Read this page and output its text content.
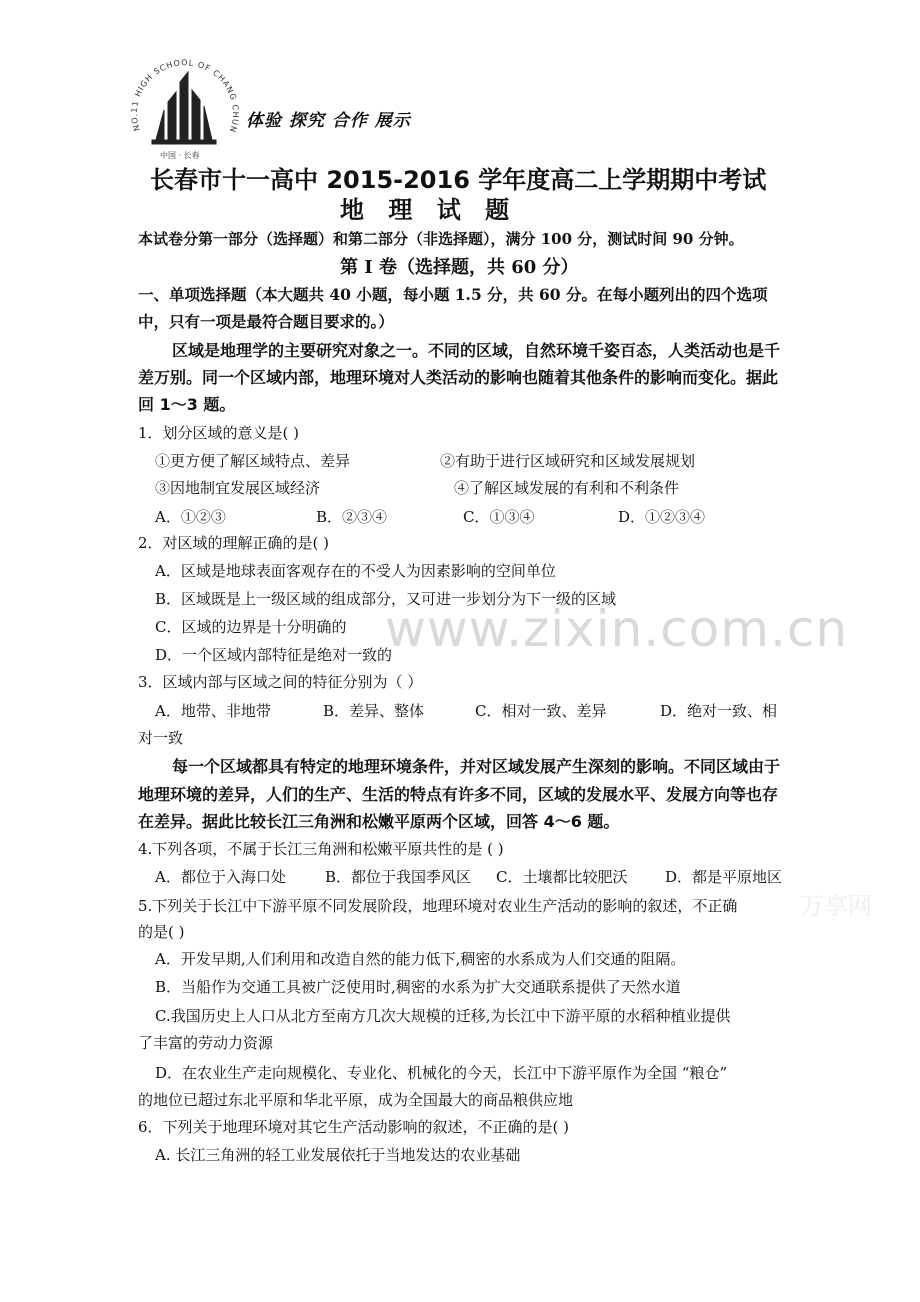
NO.11 HIGH SCHOOL OF CHANG CHUN
中国 · 长春
体验 探究 合作 展示
长春市十一高中 2015-2016 学年度高二上学期期中考试
地 理 试 题
本试卷分第一部分（选择题）和第二部分（非选择题），满分 100 分，测试时间 90 分钟。
第 I 卷（选择题，共 60 分）
一、单项选择题（本大题共 40 小题，每小题 1.5 分，共 60 分。在每小题列出的四个选项
中，只有一项是最符合题目要求的。）
区域是地理学的主要研究对象之一。不同的区域，自然环境千姿百态，人类活动也是千
差万别。同一个区域内部，地理环境对人类活动的影响也随着其他条件的影响而变化。据此
回 1～3 题。
1．划分区域的意义是( )
①更方便了解区域特点、差异	②有助于进行区域研究和区域发展规划
③因地制宜发展区域经济	④了解区域发展的有利和不利条件
A．①②③	B．②③④	C．①③④	D．①②③④
2．对区域的理解正确的是( )
A．区域是地球表面客观存在的不受人为因素影响的空间单位
B．区域既是上一级区域的组成部分，又可进一步划分为下一级的区域
C．区域的边界是十分明确的
D．一个区域内部特征是绝对一致的
3．区域内部与区域之间的特征分别为（ ）
A．地带、非地带	B．差异、整体	C．相对一致、差异	D．绝对一致、相
对一致
每一个区域都具有特定的地理环境条件，并对区域发展产生深刻的影响。不同区域由于
地理环境的差异，人们的生产、生活的特点有许多不同，区域的发展水平、发展方向等也存
在差异。据此比较长江三角洲和松嫩平原两个区域，回答 4～6 题。
4.下列各项，不属于长江三角洲和松嫩平原共性的是 ( )
A．都位于入海口处	B．都位于我国季风区 C．土壤都比较肥沃	D．都是平原地区
5.下列关于长江中下游平原不同发展阶段，地理环境对农业生产活动的影响的叙述，不正确
的是( )
A．开发早期,人们利用和改造自然的能力低下,稠密的水系成为人们交通的阻隔。
B．当船作为交通工具被广泛使用时,稠密的水系为扩大交通联系提供了天然水道
C.我国历史上人口从北方至南方几次大规模的迁移,为长江中下游平原的水稻种植业提供
了丰富的劳动力资源
D．在农业生产走向规模化、专业化、机械化的今天，长江中下游平原作为全国 “粮仓”
的地位已超过东北平原和华北平原，成为全国最大的商品粮供应地
6．下列关于地理环境对其它生产活动影响的叙述，不正确的是( )
A. 长江三角洲的轻工业发展依托于当地发达的农业基础
www.zixin.com.cn
万享网
